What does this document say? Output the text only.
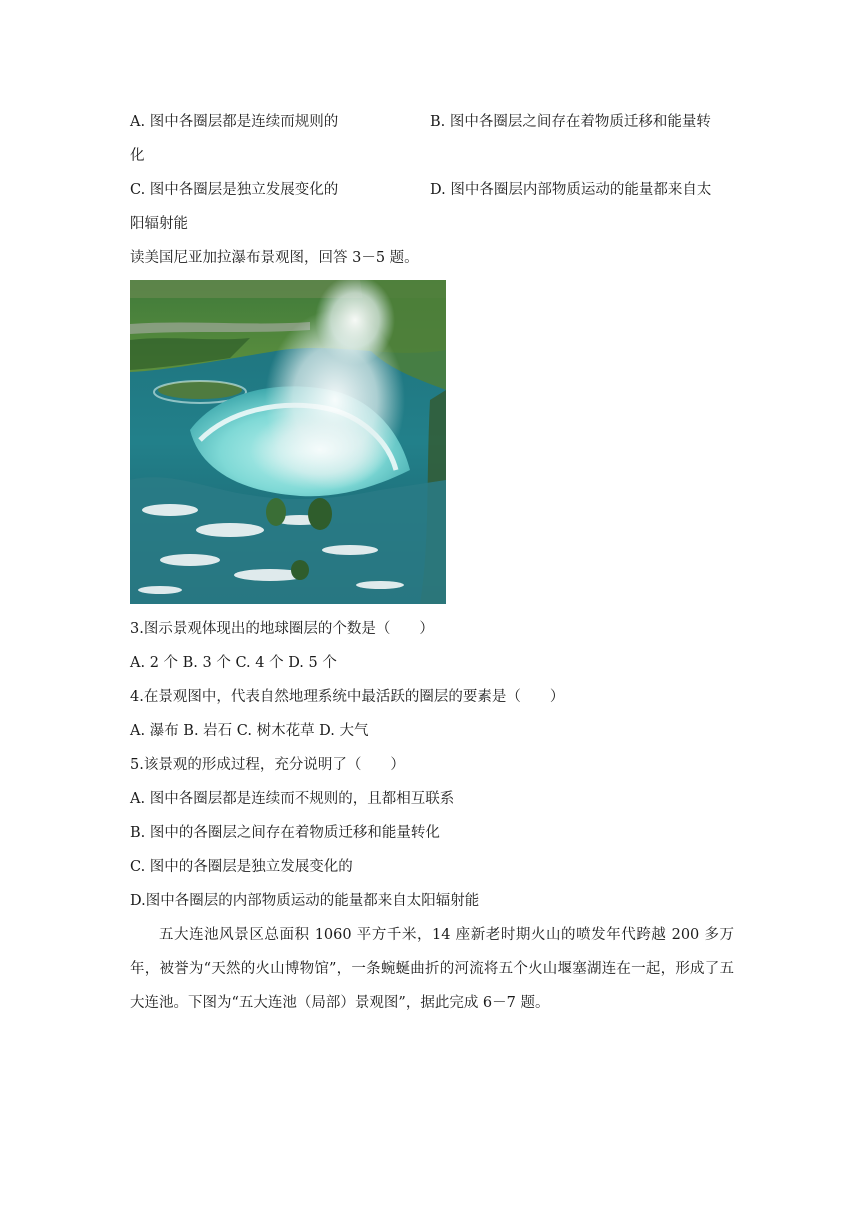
A. 图中各圈层都是连续而规则的	B. 图中各圈层之间存在着物质迁移和能量转
化
C. 图中各圈层是独立发展变化的	D. 图中各圈层内部物质运动的能量都来自太
阳辐射能
读美国尼亚加拉瀑布景观图，回答 3－5 题。
3.图示景观体现出的地球圈层的个数是（　　）
A. 2 个 B. 3 个 C. 4 个 D. 5 个
4.在景观图中，代表自然地理系统中最活跃的圈层的要素是（　　）
A. 瀑布 B. 岩石 C. 树木花草 D. 大气
5.该景观的形成过程，充分说明了（　　）
A. 图中各圈层都是连续而不规则的，且都相互联系
B. 图中的各圈层之间存在着物质迁移和能量转化
C. 图中的各圈层是独立发展变化的
D.图中各圈层的内部物质运动的能量都来自太阳辐射能
五大连池风景区总面积 1060 平方千米，14 座新老时期火山的喷发年代跨越 200 多万年，被誉为“天然的火山博物馆”，一条蜿蜒曲折的河流将五个火山堰塞湖连在一起，形成了五大连池。下图为“五大连池（局部）景观图”，据此完成 6－7 题。
